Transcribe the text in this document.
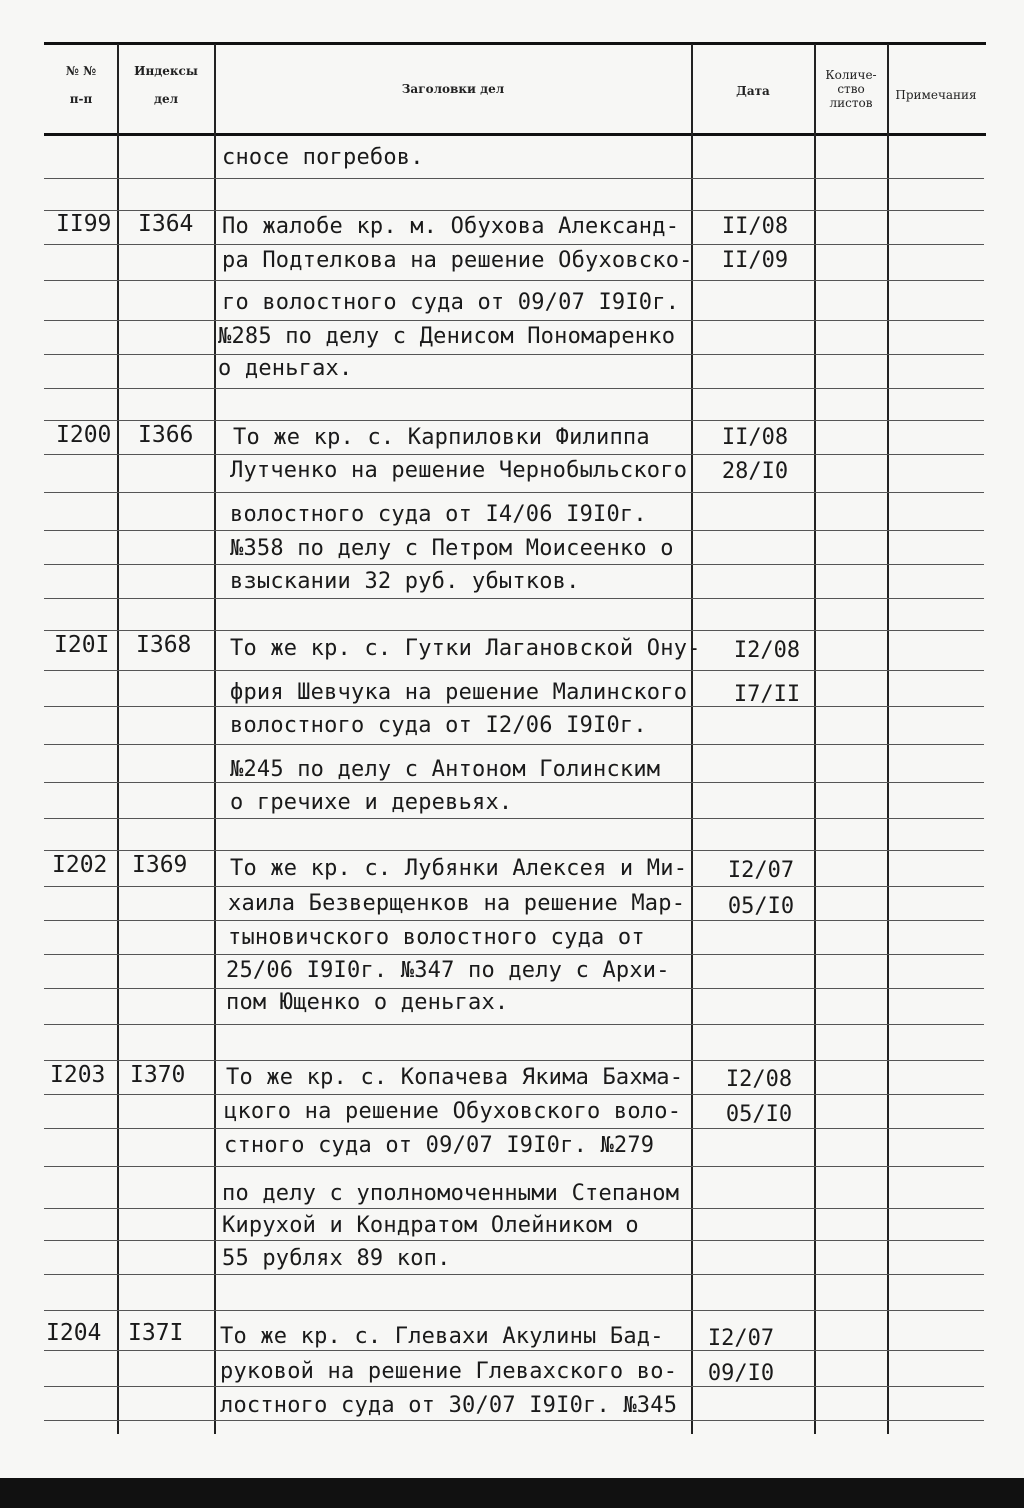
№ №
п-п
Индексы
дел
Заголовки дел	Дата
Количе-
ство
листов
Примечания
сносе погребов.
II99 I364 По жалобе кр. м. Обухова Александ-
ра Подтелкова на решение Обуховско-
го волостного суда от 09/07 I9I0г.
№285 по делу с Денисом Пономаренко
о деньгах.
II/08
II/09
I200 I366 То же кр. с. Карпиловки Филиппа
Лутченко на решение Чернобыльского
волостного суда от I4/06 I9I0г.
№358 по делу с Петром Моисеенко о
взыскании 32 руб. убытков.
II/08
28/I0
I20I I368 То же кр. с. Гутки Лагановской Ону-
фрия Шевчука на решение Малинского
волостного суда от I2/06 I9I0г.
№245 по делу с Антоном Голинским
о гречихе и деревьях.
I2/08
I7/II
I202 I369 То же кр. с. Лубянки Алексея и Ми-
хаила Безверщенков на решение Мар-
тыновичского волостного суда от
25/06 I9I0г. №347 по делу с Архи-
пом Ющенко о деньгах.
I2/07
05/I0
I203 I370 То же кр. с. Копачева Якима Бахма-
цкого на решение Обуховского воло-
стного суда от 09/07 I9I0г. №279
по делу с уполномоченными Степаном
Кирухой и Кондратом Олейником о
55 рублях 89 коп.
I2/08
05/I0
I204 I37I То же кр. с. Глевахи Акулины Бад-
руковой на решение Глевахского во-
лостного суда от 30/07 I9I0г. №345
I2/07
09/I0
